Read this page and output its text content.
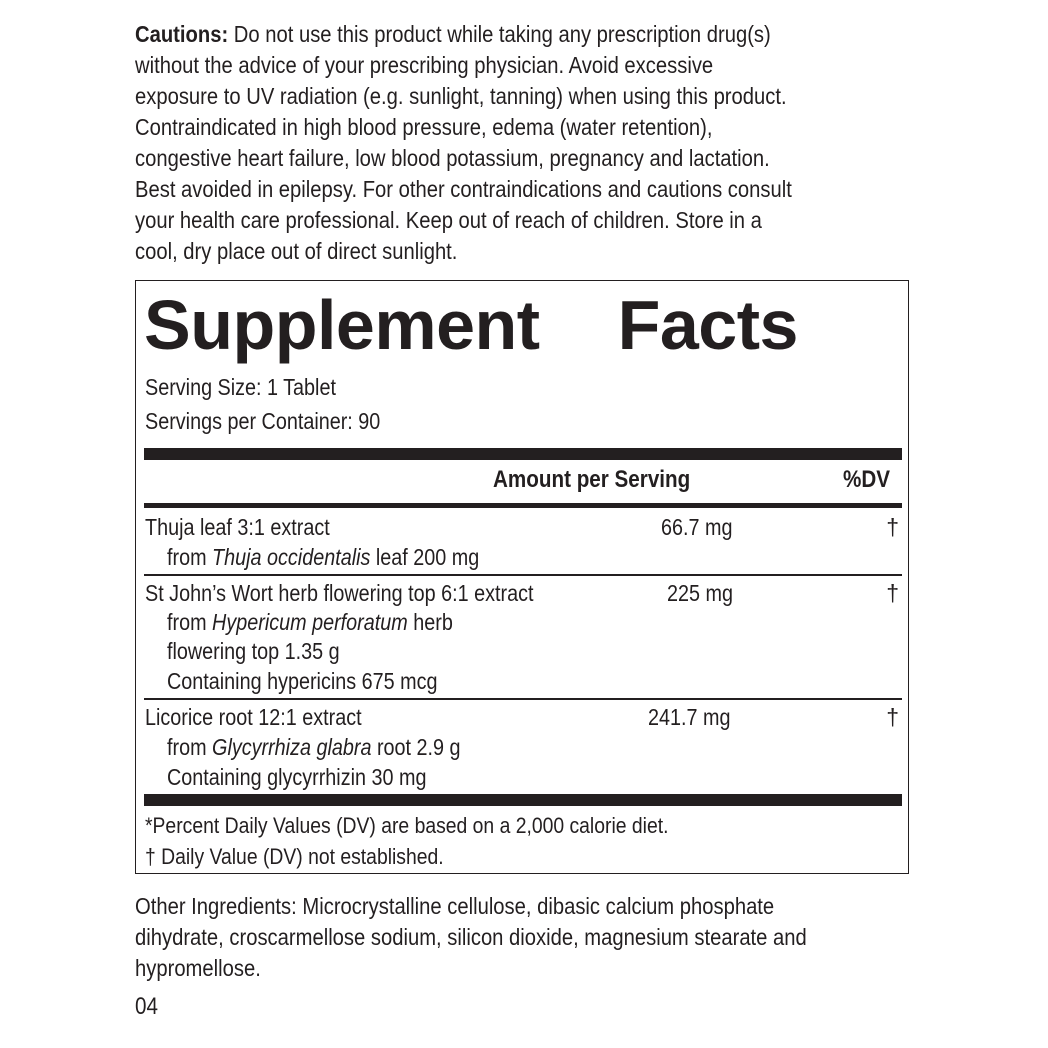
Cautions: Do not use this product while taking any prescription drug(s)
without the advice of your prescribing physician. Avoid excessive
exposure to UV radiation (e.g. sunlight, tanning) when using this product.
Contraindicated in high blood pressure, edema (water retention),
congestive heart failure, low blood potassium, pregnancy and lactation.
Best avoided in epilepsy. For other contraindications and cautions consult
your health care professional. Keep out of reach of children. Store in a
cool, dry place out of direct sunlight.
Supplement Facts
Serving Size: 1 Tablet
Servings per Container: 90
Amount per Serving	%DV
Thuja leaf 3:1 extract
from Thuja occidentalis leaf 200 mg
66.7 mg	†
St John’s Wort herb flowering top 6:1 extract
from Hypericum perforatum herb
flowering top 1.35 g
Containing hypericins 675 mcg
225 mg	†
Licorice root 12:1 extract
from Glycyrrhiza glabra root 2.9 g
Containing glycyrrhizin 30 mg
241.7 mg	†
*Percent Daily Values (DV) are based on a 2,000 calorie diet.
† Daily Value (DV) not established.
Other Ingredients: Microcrystalline cellulose, dibasic calcium phosphate
dihydrate, croscarmellose sodium, silicon dioxide, magnesium stearate and
hypromellose.
04
